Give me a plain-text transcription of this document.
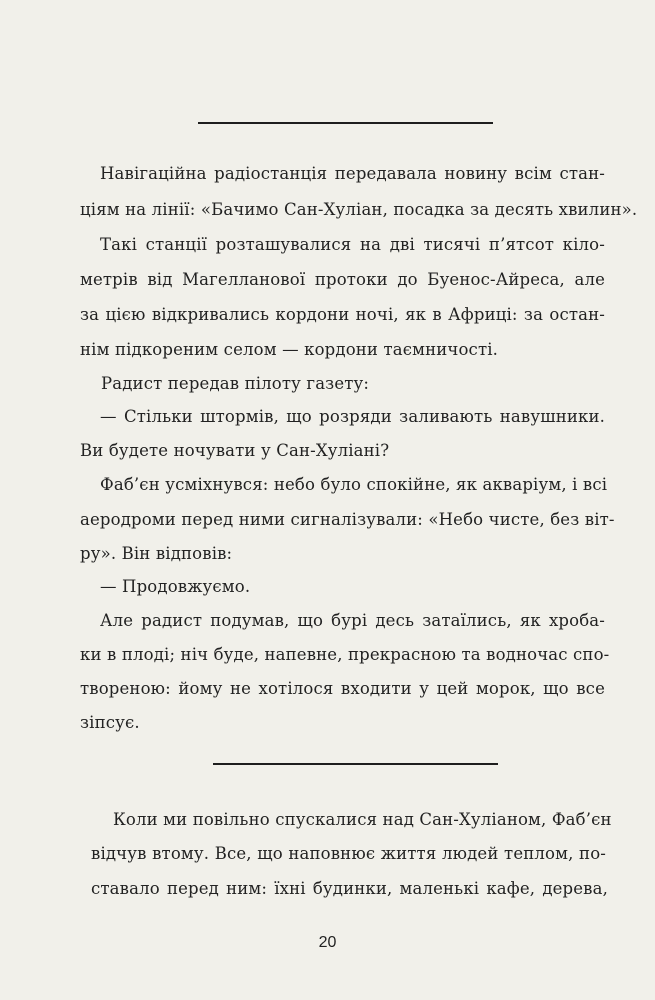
Навігаційна радіостанція передавала новину всім стан-
ціям на лінії: «Бачимо Сан-Хуліан, посадка за десять хвилин».
Такі станції розташувалися на дві тисячі п’ятсот кіло-
метрів від Магелланової протоки до Буенос-Айреса, але
за цією відкривались кордони ночі, як в Африці: за остан-
нім підкореним селом — кордони таємничості.
Радист передав пілоту газету:
— Стільки штормів, що розряди заливають навушники.
Ви будете ночувати у Сан-Хуліані?
Фаб’єн усміхнувся: небо було спокійне, як акваріум, і всі
аеродроми перед ними сигналізували: «Небо чисте, без віт-
ру». Він відповів:
— Продовжуємо.
Але радист подумав, що бурі десь затаїлись, як хроба-
ки в плоді; ніч буде, напевне, прекрасною та водночас спо-
твореною: йому не хотілося входити у цей морок, що все
зіпсує.
Коли ми повільно спускалися над Сан-Хуліаном, Фаб’єн
відчув втому. Все, що наповнює життя людей теплом, по-
ставало перед ним: їхні будинки, маленькі кафе, дерева,
20
